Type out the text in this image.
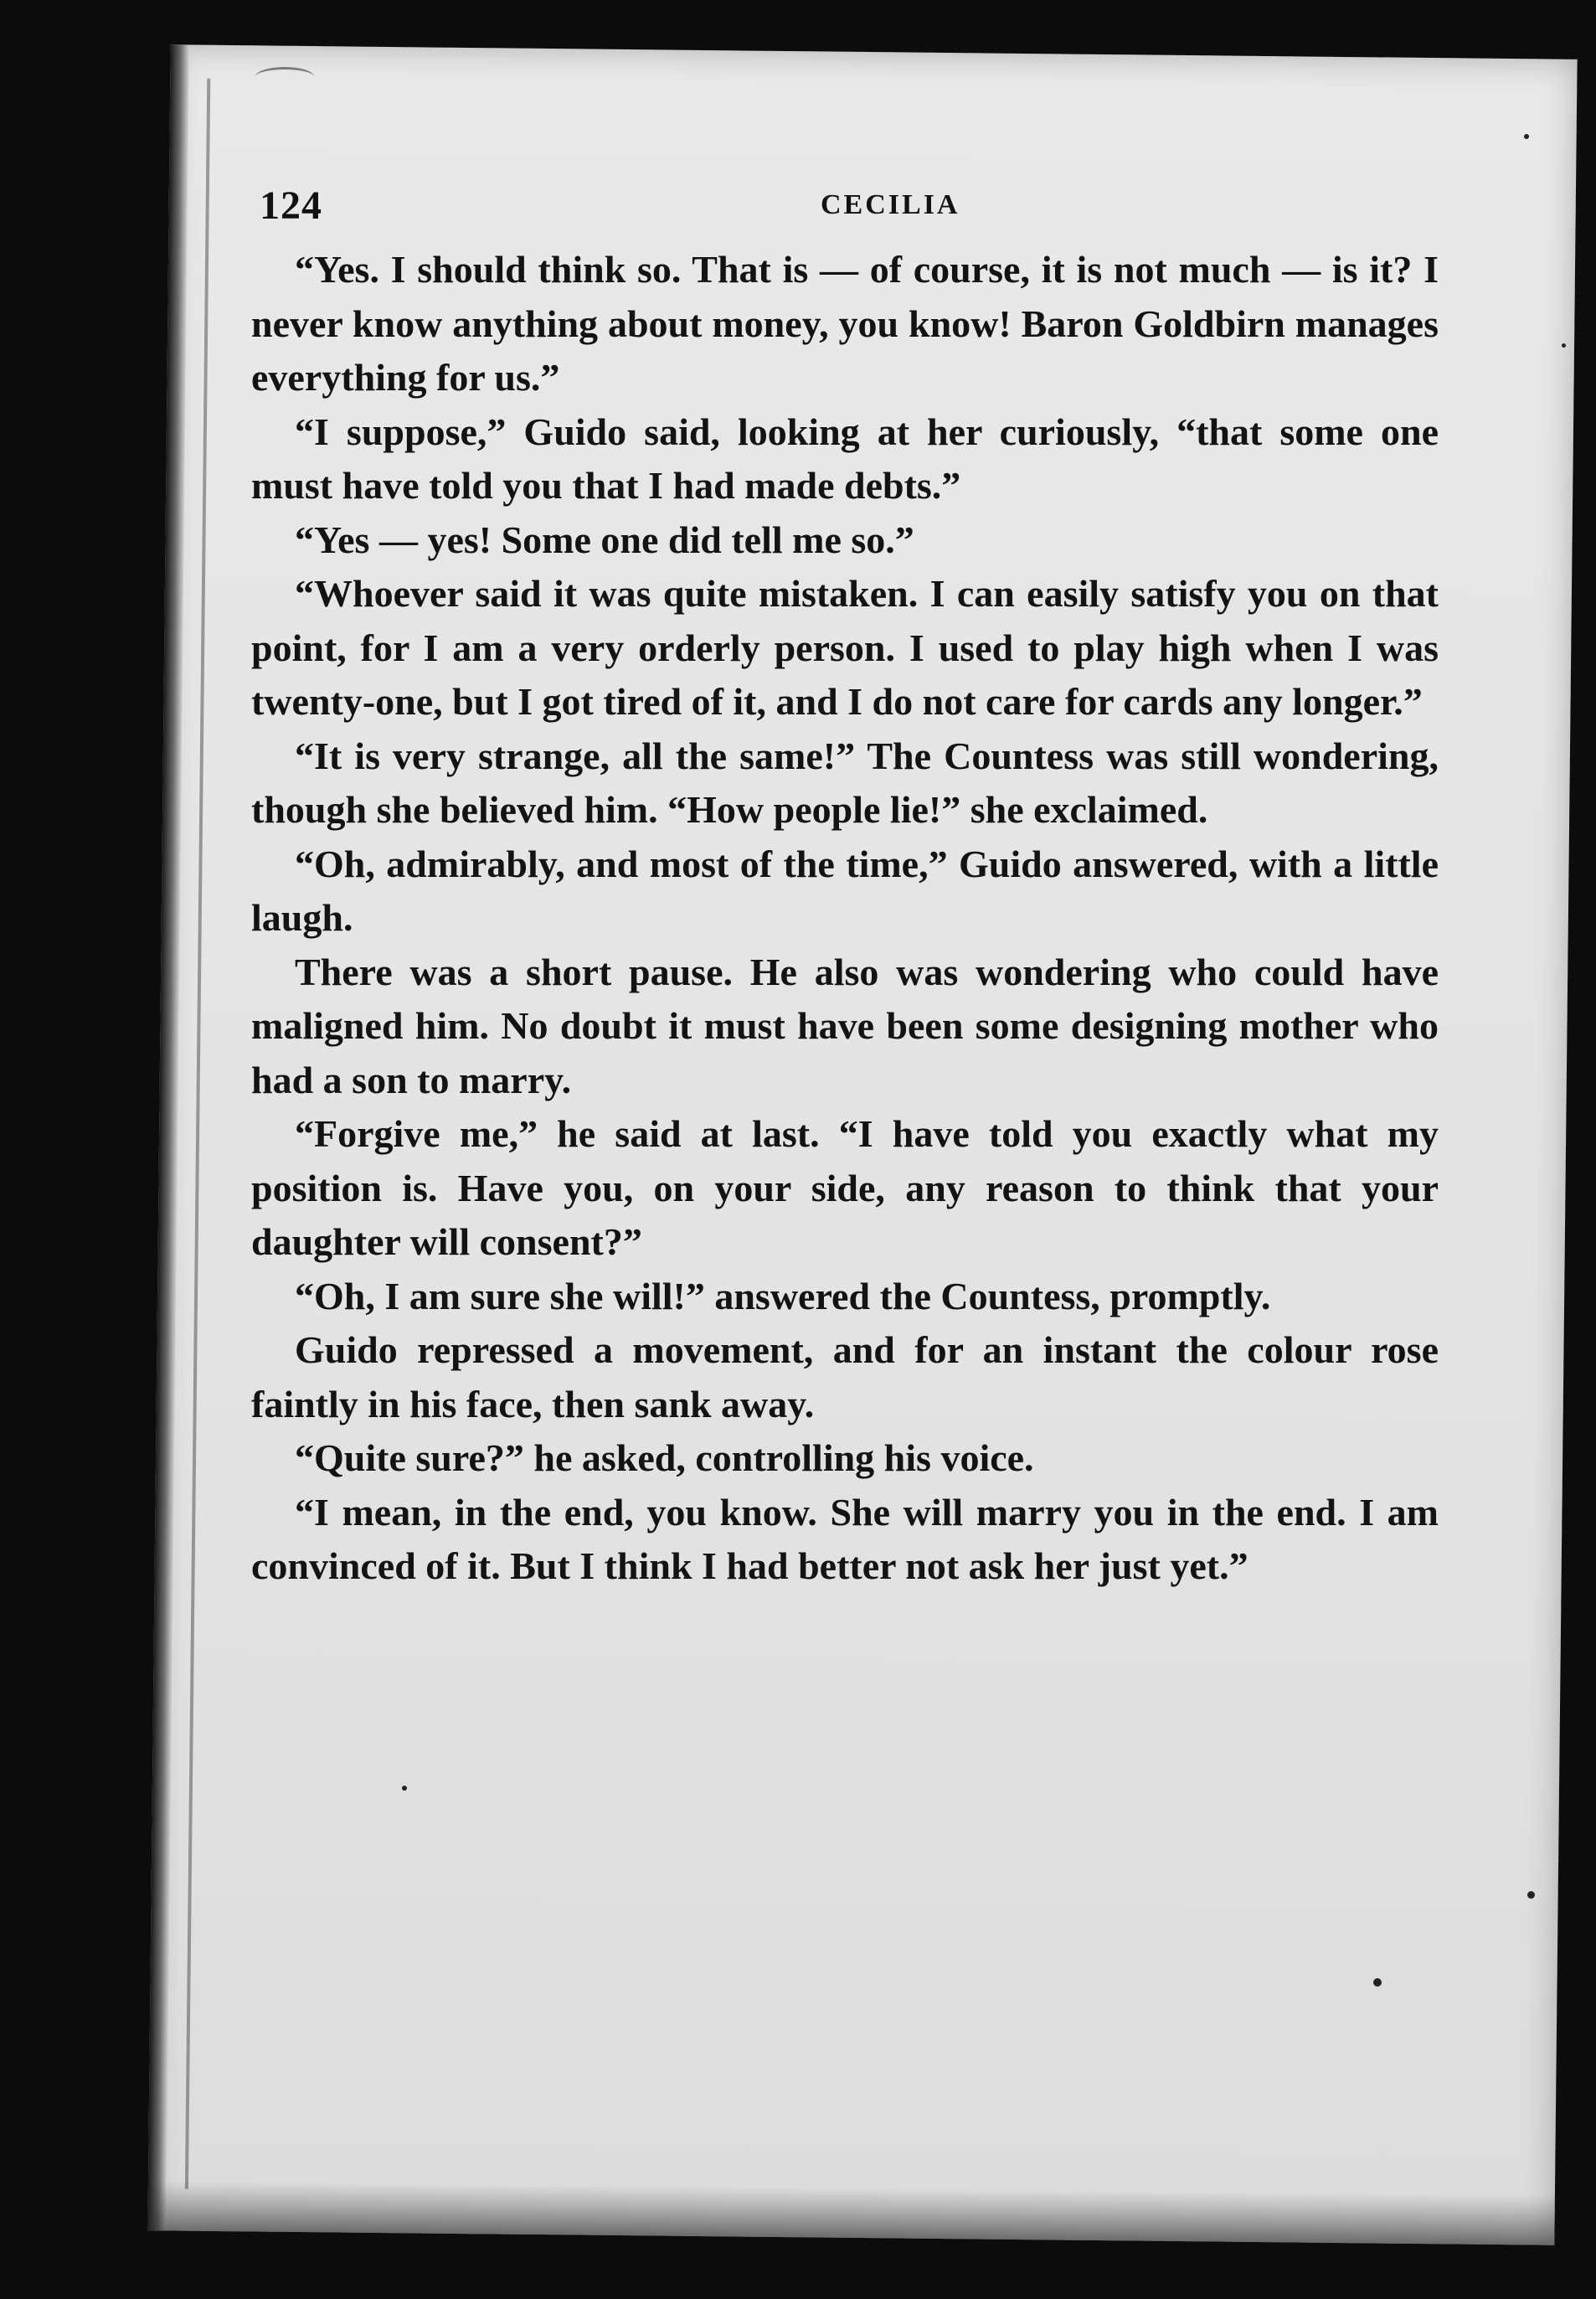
124	CECILIA

“Yes. I should think so. That is — of course, it is not much — is it? I never know anything about money, you know! Baron Goldbirn manages everything for us.”

“I suppose,” Guido said, looking at her curiously, “that some one must have told you that I had made debts.”

“Yes — yes! Some one did tell me so.”

“Whoever said it was quite mistaken. I can easily satisfy you on that point, for I am a very orderly person. I used to play high when I was twenty-one, but I got tired of it, and I do not care for cards any longer.”

“It is very strange, all the same!” The Countess was still wondering, though she believed him. “How people lie!” she exclaimed.

“Oh, admirably, and most of the time,” Guido answered, with a little laugh.

There was a short pause. He also was wondering who could have maligned him. No doubt it must have been some designing mother who had a son to marry.

“Forgive me,” he said at last. “I have told you exactly what my position is. Have you, on your side, any reason to think that your daughter will consent?”

“Oh, I am sure she will!” answered the Countess, promptly.

Guido repressed a movement, and for an instant the colour rose faintly in his face, then sank away.

“Quite sure?” he asked, controlling his voice.

“I mean, in the end, you know. She will marry you in the end. I am convinced of it. But I think I had better not ask her just yet.”
